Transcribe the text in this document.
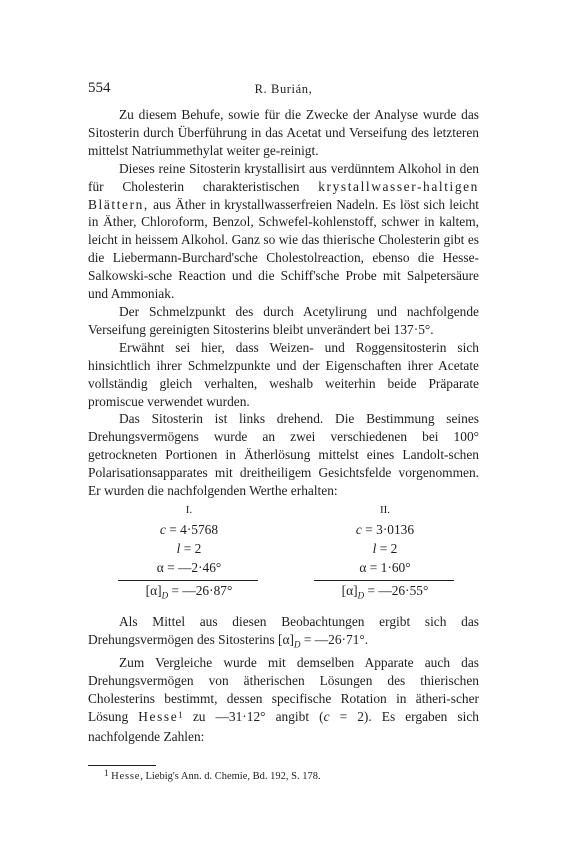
554	R. Burián,

Zu diesem Behufe, sowie für die Zwecke der Analyse wurde das Sitosterin durch Überführung in das Acetat und Verseifung des letzteren mittelst Natriummethylat weiter ge-reinigt.

Dieses reine Sitosterin krystallisirt aus verdünntem Alkohol in den für Cholesterin charakteristischen krystallwasser-haltigen Blättern, aus Äther in krystallwasserfreien Nadeln. Es löst sich leicht in Äther, Chloroform, Benzol, Schwefel-kohlenstoff, schwer in kaltem, leicht in heissem Alkohol. Ganz so wie das thierische Cholesterin gibt es die Liebermann-Burchard'sche Cholestolreaction, ebenso die Hesse-Salkowski-sche Reaction und die Schiff'sche Probe mit Salpetersäure und Ammoniak.

Der Schmelzpunkt des durch Acetylirung und nachfolgende Verseifung gereinigten Sitosterins bleibt unverändert bei 137·5°.

Erwähnt sei hier, dass Weizen- und Roggensitosterin sich hinsichtlich ihrer Schmelzpunkte und der Eigenschaften ihrer Acetate vollständig gleich verhalten, weshalb weiterhin beide Präparate promiscue verwendet wurden.

Das Sitosterin ist links drehend. Die Bestimmung seines Drehungsvermögens wurde an zwei verschiedenen bei 100° getrockneten Portionen in Ätherlösung mittelst eines Landolt-schen Polarisationsapparates mit dreitheiligem Gesichtsfelde vorgenommen. Er wurden die nachfolgenden Werthe erhalten:

I.
c = 4·5768
l = 2
α = —2·46°
$[\alpha]_D$ = —26·87°
II.
c = 3·0136
l = 2
α = 1·60°
$[\alpha]_D$ = —26·55°

Als Mittel aus diesen Beobachtungen ergibt sich das Drehungsvermögen des Sitosterins $[\alpha]_D$ = —26·71°.

Zum Vergleiche wurde mit demselben Apparate auch das Drehungsvermögen von ätherischen Lösungen des thierischen Cholesterins bestimmt, dessen specifische Rotation in ätheri-scher Lösung Hesse$^1$ zu —31·12° angibt (c = 2). Es ergaben sich nachfolgende Zahlen:

1 Hesse, Liebig's Ann. d. Chemie, Bd. 192, S. 178.
